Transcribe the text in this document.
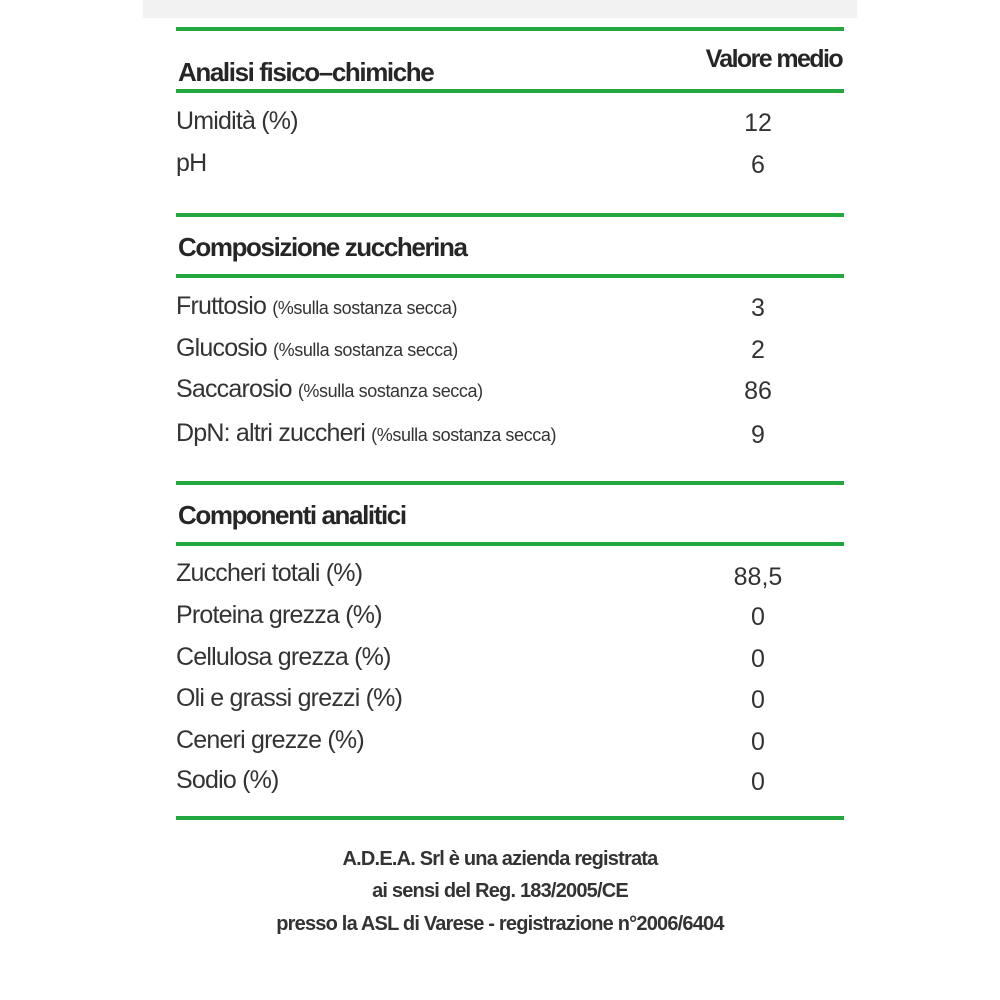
Analisi fisico–chimiche	Valore medio
Umidità (%)	12
pH	6
Composizione zuccherina
Fruttosio (%sulla sostanza secca)	3
Glucosio (%sulla sostanza secca)	2
Saccarosio (%sulla sostanza secca)	86
DpN: altri zuccheri (%sulla sostanza secca)	9
Componenti analitici
Zuccheri totali (%)	88,5
Proteina grezza (%)	0
Cellulosa grezza (%)	0
Oli e grassi grezzi (%)	0
Ceneri grezze (%)	0
Sodio (%)	0
A.D.E.A. Srl è una azienda registrata
ai sensi del Reg. 183/2005/CE
presso la ASL di Varese - registrazione n°2006/6404
